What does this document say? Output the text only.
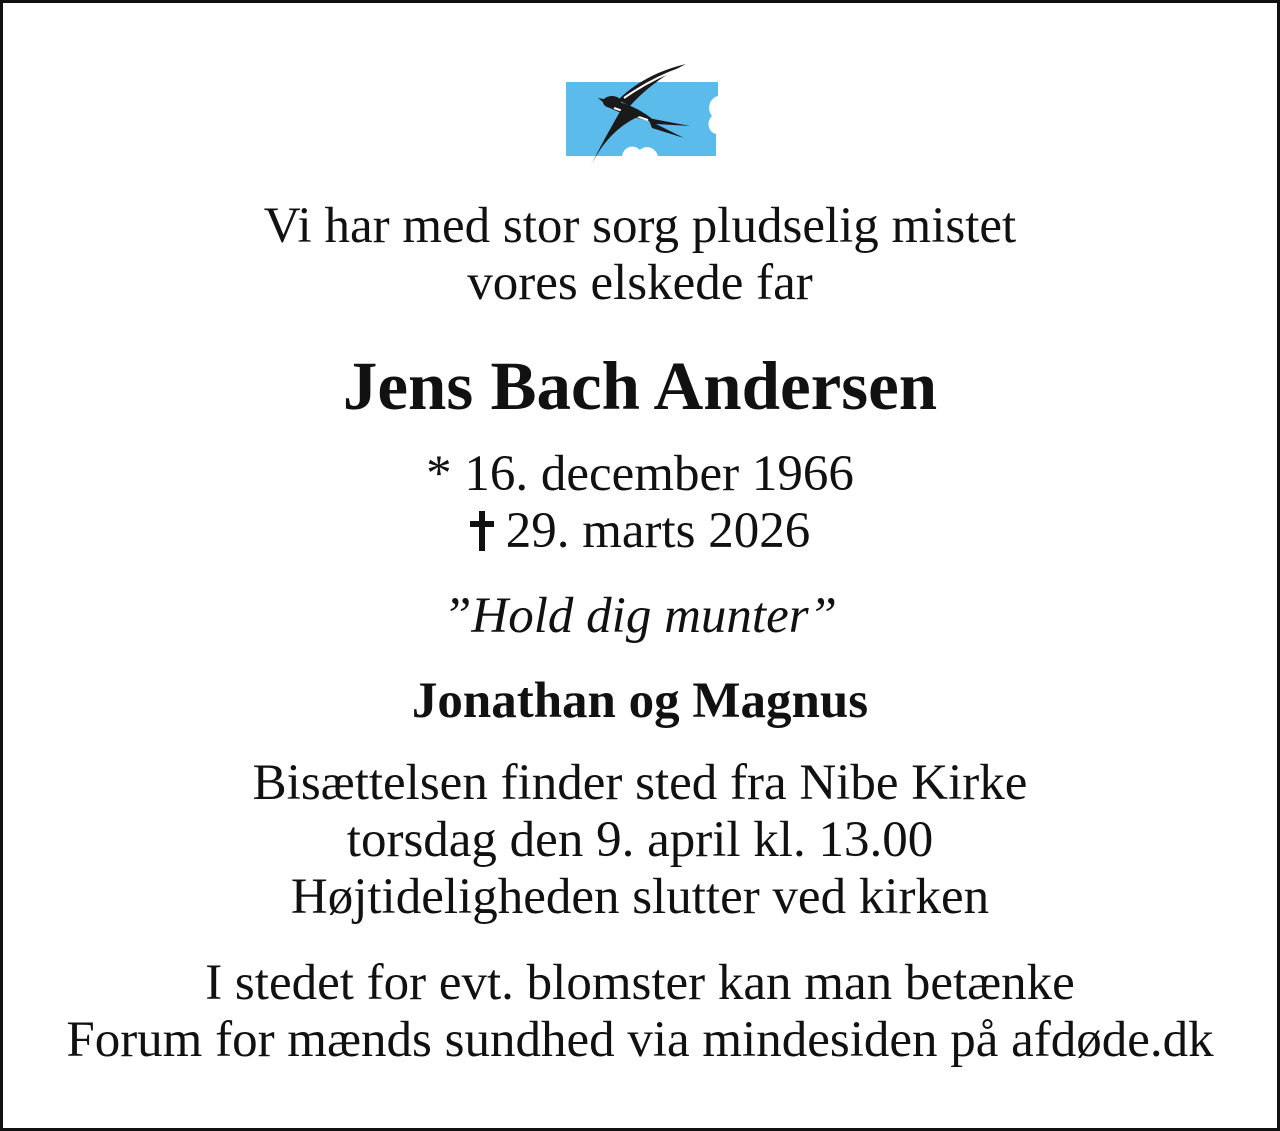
Vi har med stor sorg pludselig mistet
vores elskede far
Jens Bach Andersen
* 16. december 1966
29. marts 2026
”Hold dig munter”
Jonathan og Magnus
Bisættelsen finder sted fra Nibe Kirke
torsdag den 9. april kl. 13.00
Højtideligheden slutter ved kirken
I stedet for evt. blomster kan man betænke
Forum for mænds sundhed via mindesiden på afdøde.dk
